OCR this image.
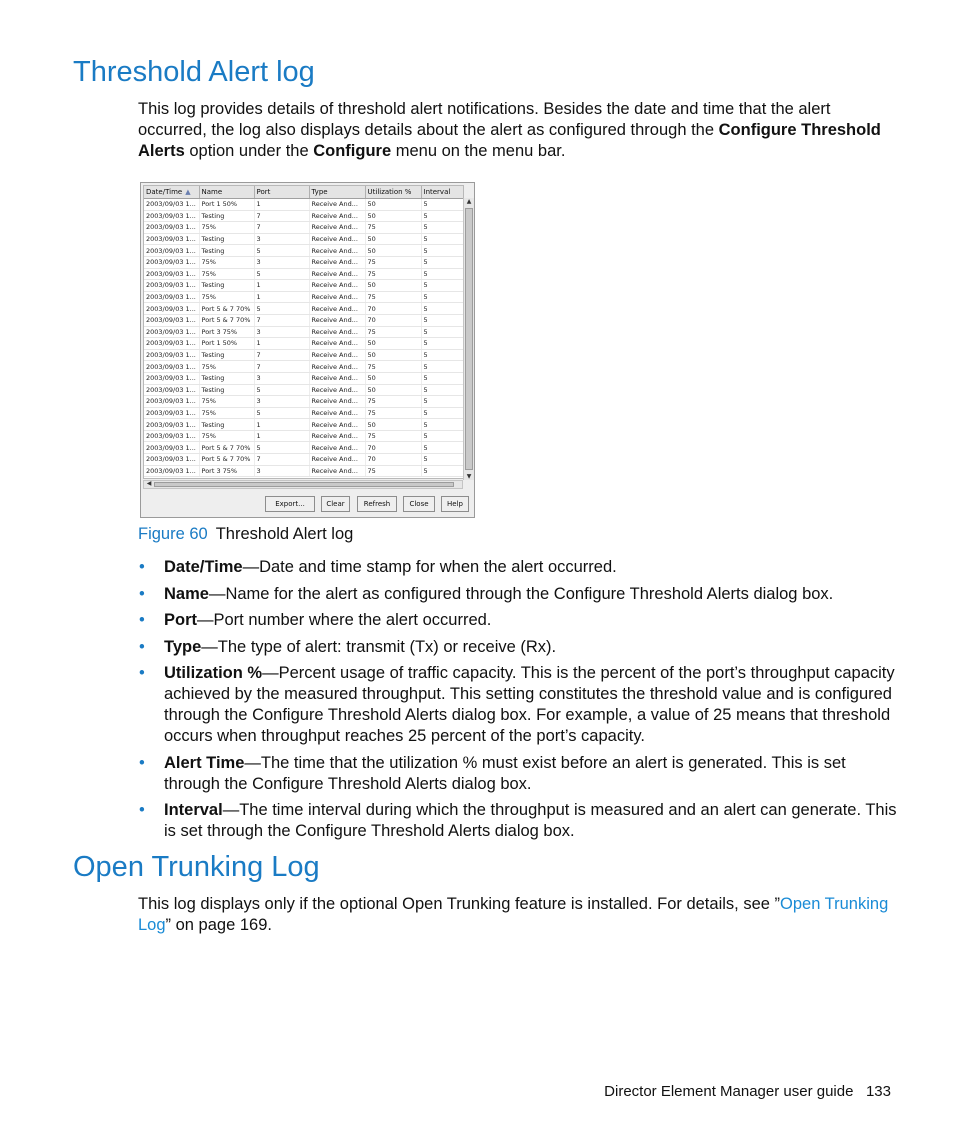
Threshold Alert log

This log provides details of threshold alert notifications. Besides the date and time that the alert occurred, the log also displays details about the alert as configured through the Configure Threshold Alerts option under the Configure menu on the menu bar.

Date/Time ▲	Name	Port	Type	Utilization %	Interval
2003/09/03 1...	Port 1 50%	1	Receive And...	50	5
2003/09/03 1...	Testing	7	Receive And...	50	5
2003/09/03 1...	75%	7	Receive And...	75	5
2003/09/03 1...	Testing	3	Receive And...	50	5
2003/09/03 1...	Testing	5	Receive And...	50	5
2003/09/03 1...	75%	3	Receive And...	75	5
2003/09/03 1...	75%	5	Receive And...	75	5
2003/09/03 1...	Testing	1	Receive And...	50	5
2003/09/03 1...	75%	1	Receive And...	75	5
2003/09/03 1...	Port 5 & 7 70%	5	Receive And...	70	5
2003/09/03 1...	Port 5 & 7 70%	7	Receive And...	70	5
2003/09/03 1...	Port 3 75%	3	Receive And...	75	5
2003/09/03 1...	Port 1 50%	1	Receive And...	50	5
2003/09/03 1...	Testing	7	Receive And...	50	5
2003/09/03 1...	75%	7	Receive And...	75	5
2003/09/03 1...	Testing	3	Receive And...	50	5
2003/09/03 1...	Testing	5	Receive And...	50	5
2003/09/03 1...	75%	3	Receive And...	75	5
2003/09/03 1...	75%	5	Receive And...	75	5
2003/09/03 1...	Testing	1	Receive And...	50	5
2003/09/03 1...	75%	1	Receive And...	75	5
2003/09/03 1...	Port 5 & 7 70%	5	Receive And...	70	5
2003/09/03 1...	Port 5 & 7 70%	7	Receive And...	70	5
2003/09/03 1...	Port 3 75%	3	Receive And...	75	5
▲
▼
◀
Export...	Clear	Refresh	Close	Help

Figure 60 Threshold Alert log

• Date/Time—Date and time stamp for when the alert occurred.
• Name—Name for the alert as configured through the Configure Threshold Alerts dialog box.
• Port—Port number where the alert occurred.
• Type—The type of alert: transmit (Tx) or receive (Rx).
• Utilization %—Percent usage of traffic capacity. This is the percent of the port’s throughput capacity achieved by the measured throughput. This setting constitutes the threshold value and is configured through the Configure Threshold Alerts dialog box. For example, a value of 25 means that threshold occurs when throughput reaches 25 percent of the port’s capacity.
• Alert Time—The time that the utilization % must exist before an alert is generated. This is set through the Configure Threshold Alerts dialog box.
• Interval—The time interval during which the throughput is measured and an alert can generate. This is set through the Configure Threshold Alerts dialog box.
Open Trunking Log

This log displays only if the optional Open Trunking feature is installed. For details, see ”Open Trunking Log” on page 169.

Director Element Manager user guide 133
